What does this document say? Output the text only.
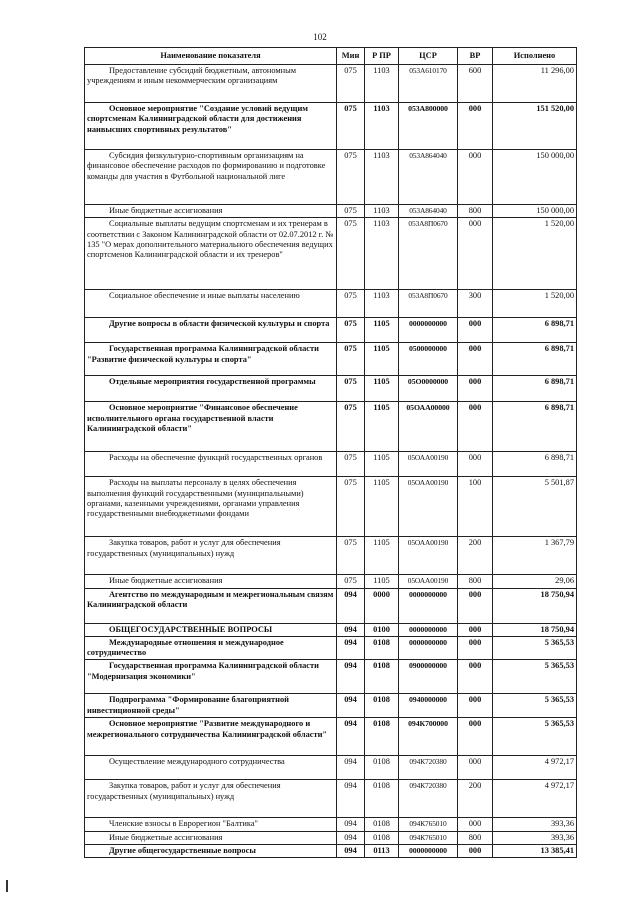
102
Наименование показателя	Мин	Р ПР	ЦСР	ВР	Исполнено
Предоставление субсидий бюджетным, автономным учреждениям и иным некоммерческим организациям	075	1103	053А610170	600	11 296,00
Основное мероприятие "Создание условий ведущим спортсменам Калининградской области для достижения наивысших спортивных результатов"	075	1103	053А800000	000	151 520,00
Субсидия физкультурно-спортивным организациям на финансовое обеспечение расходов по формированию и подготовке команды для участия в Футбольной национальной лиге	075	1103	053А864040	000	150 000,00
Иные бюджетные ассигнования	075	1103	053А864040	800	150 000,00
Социальные выплаты ведущим спортсменам и их тренерам в соответствии с Законом Калининградской области от 02.07.2012 г. № 135 "О мерах дополнительного материального обеспечения ведущих спортсменов Калининградской области и их тренеров"	075	1103	053А8П0670	000	1 520,00
Социальное обеспечение и иные выплаты населению	075	1103	053А8П0670	300	1 520,00
Другие вопросы в области физической культуры и спорта	075	1105	0000000000	000	6 898,71
Государственная программа Калининградской области "Развитие физической культуры и спорта"	075	1105	0500000000	000	6 898,71
Отдельные мероприятия государственной программы	075	1105	05О0000000	000	6 898,71
Основное мероприятие "Финансовое обеспечение исполнительного органа государственной власти Калининградской области"	075	1105	05ОАА00000	000	6 898,71
Расходы на обеспечение функций государственных органов	075	1105	05ОАА00190	000	6 898,71
Расходы на выплаты персоналу в целях обеспечения выполнения функций государственными (муниципальными) органами, казенными учреждениями, органами управления государственными внебюджетными фондами	075	1105	05ОАА00190	100	5 501,87
Закупка товаров, работ и услуг для обеспечения государственных (муниципальных) нужд	075	1105	05ОАА00190	200	1 367,79
Иные бюджетные ассигнования	075	1105	05ОАА00190	800	29,06
Агентство по международным и межрегиональным связям Калининградской области	094	0000	0000000000	000	18 750,94
ОБЩЕГОСУДАРСТВЕННЫЕ ВОПРОСЫ	094	0100	0000000000	000	18 750,94
Международные отношения и международное сотрудничество	094	0108	0000000000	000	5 365,53
Государственная программа Калининградской области "Модернизация экономики"	094	0108	0900000000	000	5 365,53
Подпрограмма "Формирование благоприятной инвестиционной среды"	094	0108	0940000000	000	5 365,53
Основное мероприятие "Развитие международного и межрегионального сотрудничества Калининградской области"	094	0108	094К700000	000	5 365,53
Осуществление международного сотрудничества	094	0108	094К720380	000	4 972,17
Закупка товаров, работ и услуг для обеспечения государственных (муниципальных) нужд	094	0108	094К720380	200	4 972,17
Членские взносы в Еврорегион "Балтика"	094	0108	094К765010	000	393,36
Иные бюджетные ассигнования	094	0108	094К765010	800	393,36
Другие общегосударственные вопросы	094	0113	0000000000	000	13 385,41
